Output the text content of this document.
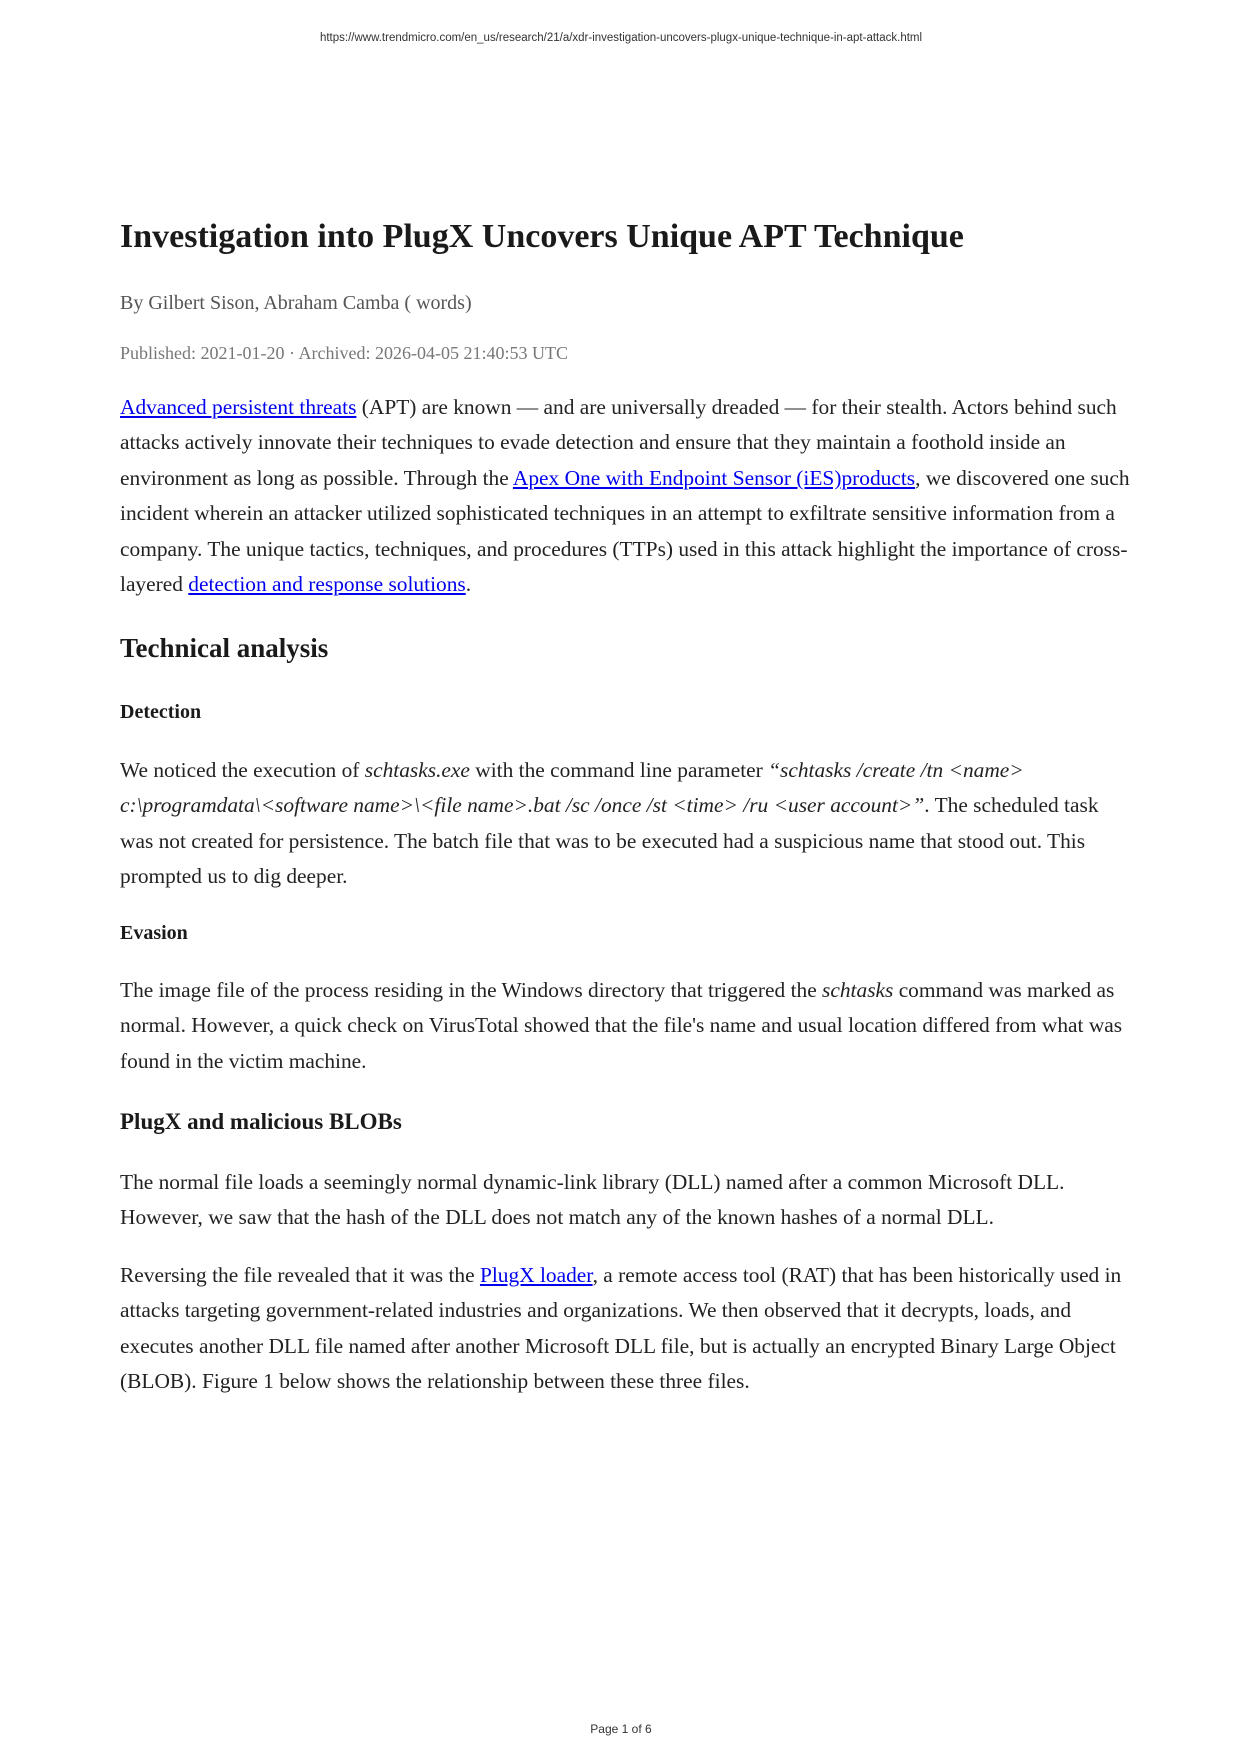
https://www.trendmicro.com/en_us/research/21/a/xdr-investigation-uncovers-plugx-unique-technique-in-apt-attack.html
Investigation into PlugX Uncovers Unique APT Technique
By Gilbert Sison, Abraham Camba ( words)
Published: 2021-01-20 · Archived: 2026-04-05 21:40:53 UTC

Advanced persistent threats (APT) are known — and are universally dreaded — for their stealth. Actors behind such attacks actively innovate their techniques to evade detection and ensure that they maintain a foothold inside an environment as long as possible. Through the Apex One with Endpoint Sensor (iES)products, we discovered one such incident wherein an attacker utilized sophisticated techniques in an attempt to exfiltrate sensitive information from a company. The unique tactics, techniques, and procedures (TTPs) used in this attack highlight the importance of cross-layered detection and response solutions.

Technical analysis
Detection

We noticed the execution of schtasks.exe with the command line parameter “schtasks /create /tn <name> c:\programdata\<software name>\<file name>.bat /sc /once /st <time> /ru <user account>”. The scheduled task was not created for persistence. The batch file that was to be executed had a suspicious name that stood out. This prompted us to dig deeper.

Evasion

The image file of the process residing in the Windows directory that triggered the schtasks command was marked as normal. However, a quick check on VirusTotal showed that the file's name and usual location differed from what was found in the victim machine.

PlugX and malicious BLOBs

The normal file loads a seemingly normal dynamic-link library (DLL) named after a common Microsoft DLL. However, we saw that the hash of the DLL does not match any of the known hashes of a normal DLL.

Reversing the file revealed that it was the PlugX loader, a remote access tool (RAT) that has been historically used in attacks targeting government-related industries and organizations. We then observed that it decrypts, loads, and executes another DLL file named after another Microsoft DLL file, but is actually an encrypted Binary Large Object (BLOB). Figure 1 below shows the relationship between these three files.

Page 1 of 6
